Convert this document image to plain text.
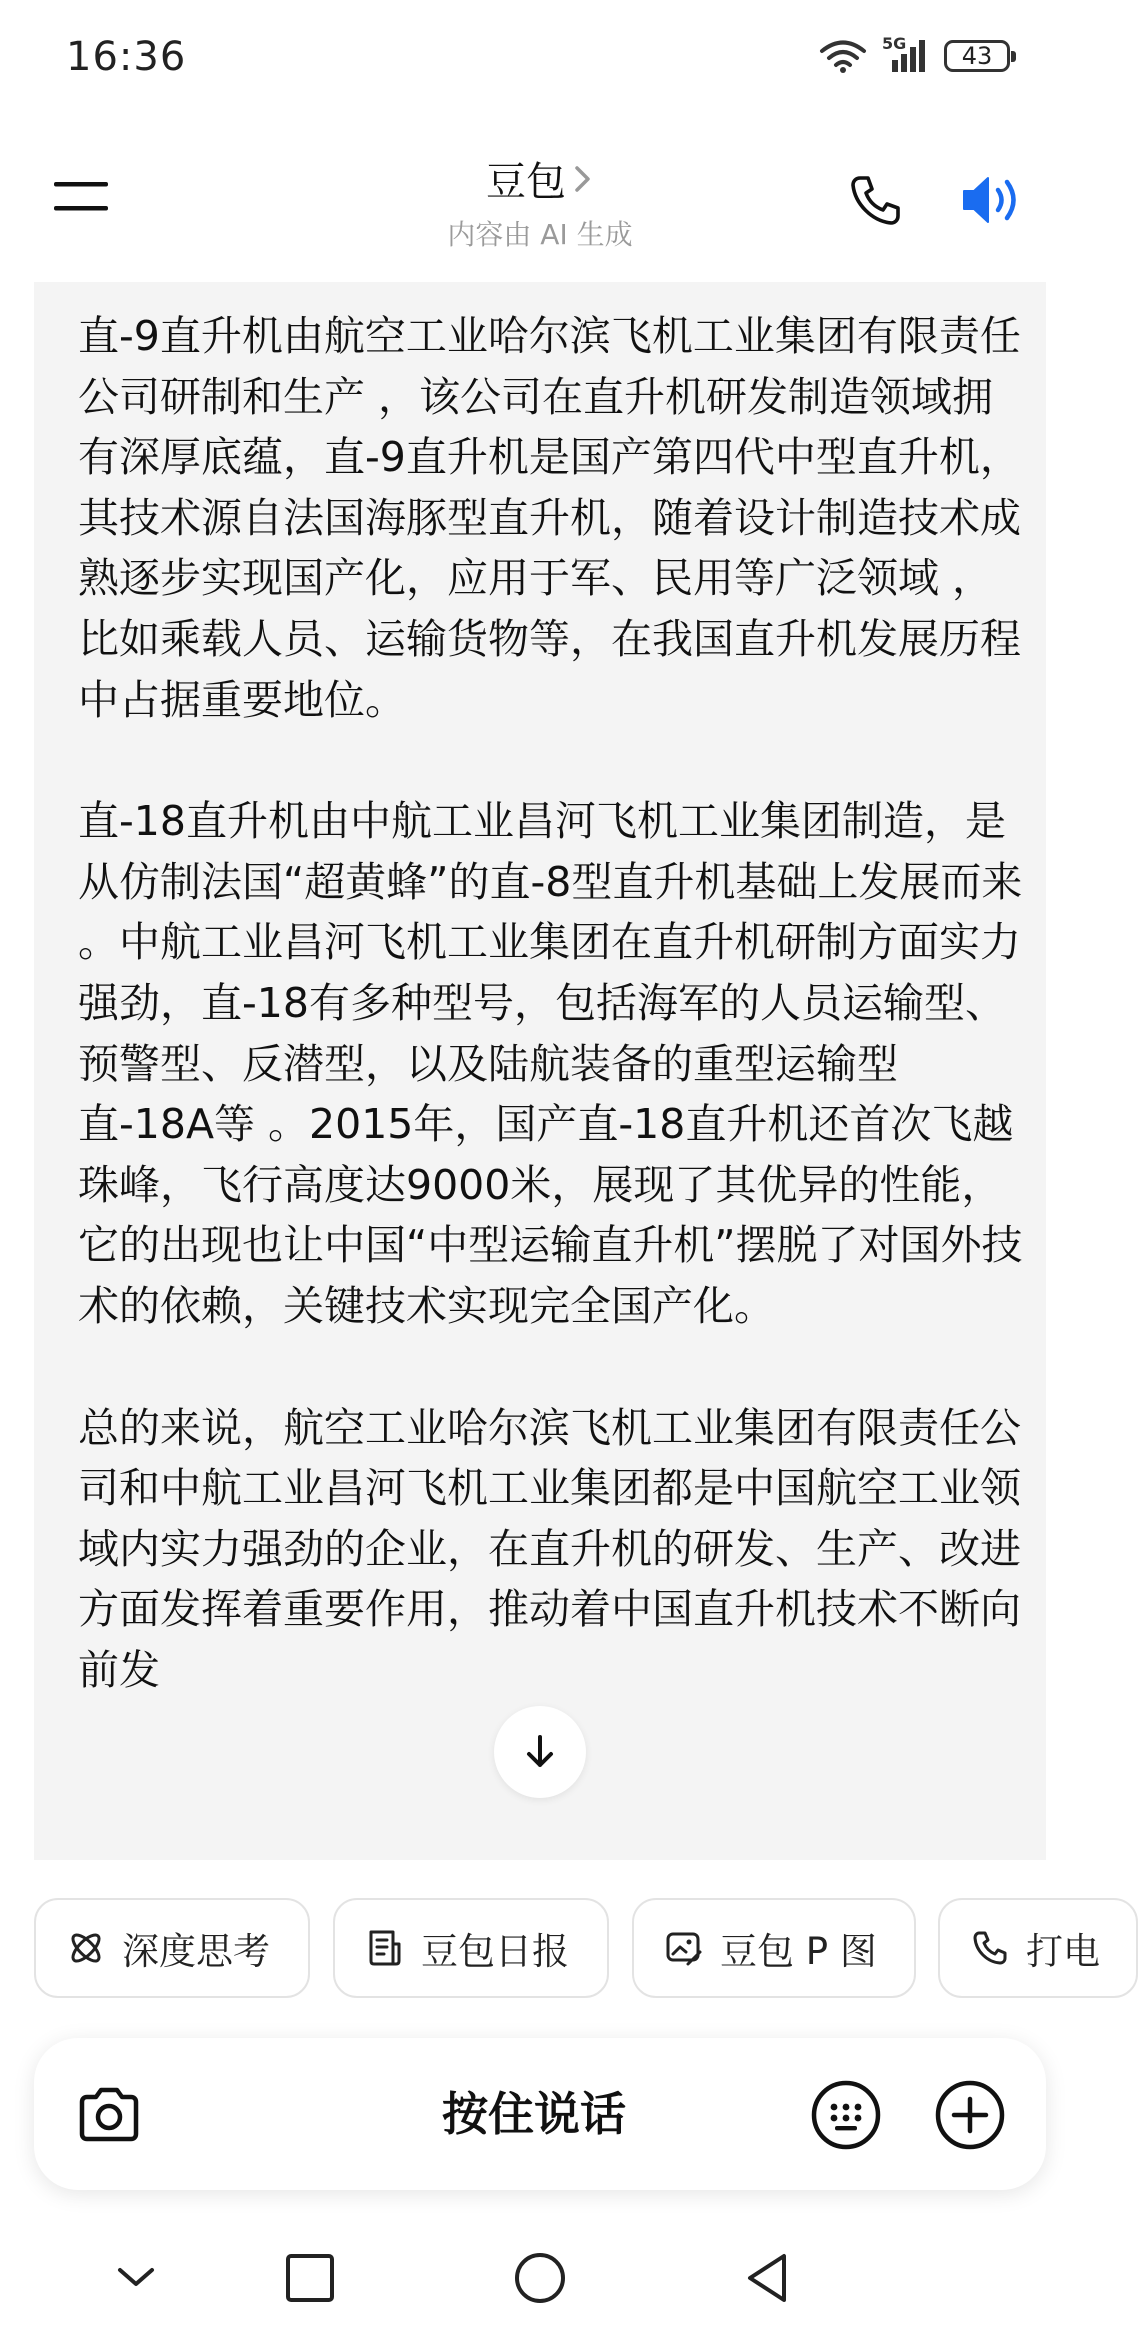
16:36	5G	43
豆包
内容由 AI 生成

直-9直升机由航空工业哈尔滨飞机工业集团有限责任公司研制和生产 ，该公司在直升机研发制造领域拥有深厚底蕴，直-9直升机是国产第四代中型直升机，其技术源自法国海豚型直升机，随着设计制造技术成熟逐步实现国产化，应用于军、民用等广泛领域 ，比如乘载人员、运输货物等，在我国直升机发展历程中占据重要地位。

直-18直升机由中航工业昌河飞机工业集团制造，是从仿制法国“超黄蜂”的直-8型直升机基础上发展而来 。中航工业昌河飞机工业集团在直升机研制方面实力强劲，直-18有多种型号，包括海军的人员运输型、预警型、反潜型，以及陆航装备的重型运输型直-18A等 。2015年，国产直-18直升机还首次飞越珠峰，飞行高度达9000米，展现了其优异的性能，它的出现也让中国“中型运输直升机”摆脱了对国外技术的依赖，关键技术实现完全国产化。

总的来说，航空工业哈尔滨飞机工业集团有限责任公司和中航工业昌河飞机工业集团都是中国航空工业领域内实力强劲的企业，在直升机的研发、生产、改进方面发挥着重要作用，推动着中国直升机技术不断向前发

深度思考	豆包日报	豆包 P 图	打电
按住说话
